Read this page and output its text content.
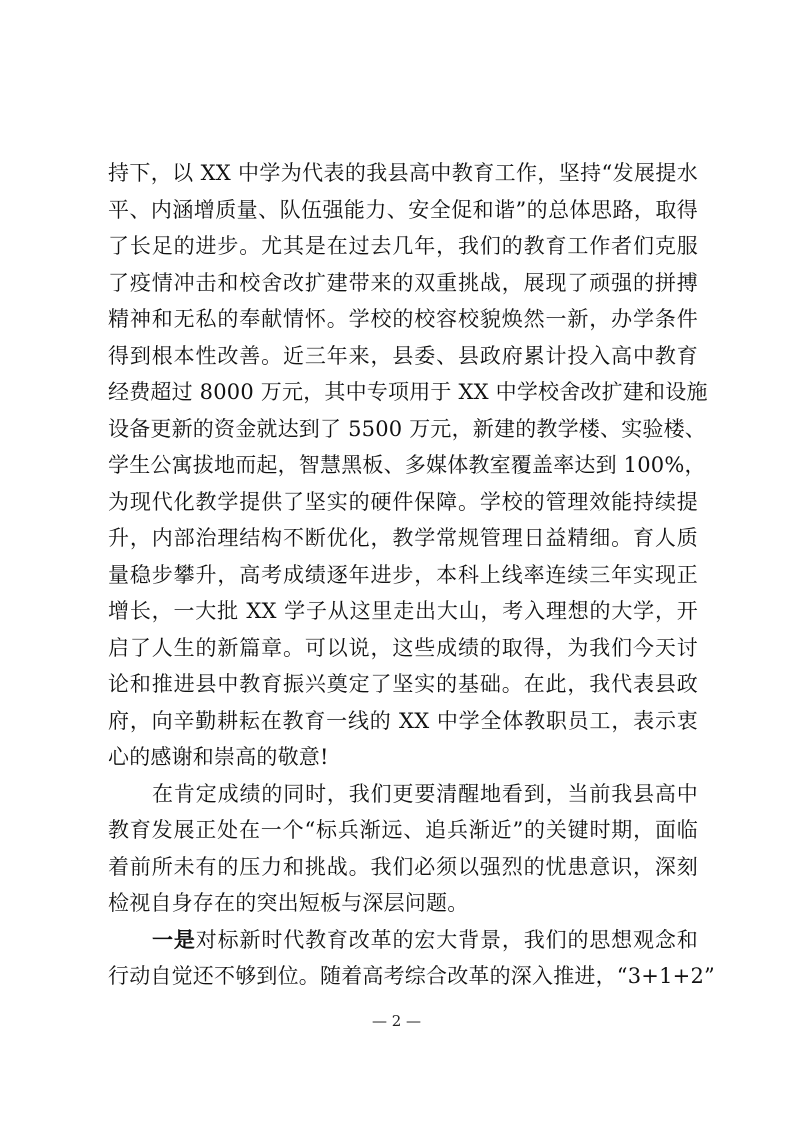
持下，以 XX 中学为代表的我县高中教育工作，坚持“发展提水
平、内涵增质量、队伍强能力、安全促和谐”的总体思路，取得
了长足的进步。尤其是在过去几年，我们的教育工作者们克服
了疫情冲击和校舍改扩建带来的双重挑战，展现了顽强的拼搏
精神和无私的奉献情怀。学校的校容校貌焕然一新，办学条件
得到根本性改善。近三年来，县委、县政府累计投入高中教育
经费超过 8000 万元，其中专项用于 XX 中学校舍改扩建和设施
设备更新的资金就达到了 5500 万元，新建的教学楼、实验楼、
学生公寓拔地而起，智慧黑板、多媒体教室覆盖率达到 100%，
为现代化教学提供了坚实的硬件保障。学校的管理效能持续提
升，内部治理结构不断优化，教学常规管理日益精细。育人质
量稳步攀升，高考成绩逐年进步，本科上线率连续三年实现正
增长，一大批 XX 学子从这里走出大山，考入理想的大学，开
启了人生的新篇章。可以说，这些成绩的取得，为我们今天讨
论和推进县中教育振兴奠定了坚实的基础。在此，我代表县政
府，向辛勤耕耘在教育一线的 XX 中学全体教职员工，表示衷
心的感谢和崇高的敬意!
在肯定成绩的同时，我们更要清醒地看到，当前我县高中
教育发展正处在一个“标兵渐远、追兵渐近”的关键时期，面临
着前所未有的压力和挑战。我们必须以强烈的忧患意识，深刻
检视自身存在的突出短板与深层问题。
一是对标新时代教育改革的宏大背景，我们的思想观念和
行动自觉还不够到位。随着高考综合改革的深入推进，“3+1+2”
— 2 —
